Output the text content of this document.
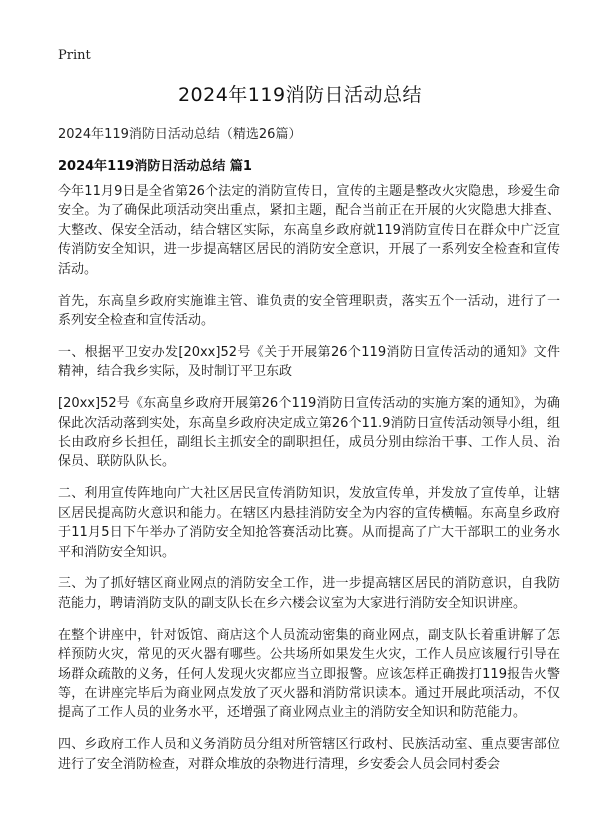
Print
2024年119消防日活动总结
2024年119消防日活动总结（精选26篇）
2024年119消防日活动总结 篇1

今年11月9日是全省第26个法定的消防宣传日，宣传的主题是整改火灾隐患，珍爱生命安全。为了确保此项活动突出重点，紧扣主题，配合当前正在开展的火灾隐患大排查、大整改、保安全活动，结合辖区实际，东高皇乡政府就119消防宣传日在群众中广泛宣传消防安全知识，进一步提高辖区居民的消防安全意识，开展了一系列安全检查和宣传活动。

首先，东高皇乡政府实施谁主管、谁负责的安全管理职责，落实五个一活动，进行了一系列安全检查和宣传活动。

一、根据平卫安办发[20xx]52号《关于开展第26个119消防日宣传活动的通知》文件精神，结合我乡实际，及时制订平卫东政

[20xx]52号《东高皇乡政府开展第26个119消防日宣传活动的实施方案的通知》，为确保此次活动落到实处，东高皇乡政府决定成立第26个11.9消防日宣传活动领导小组，组长由政府乡长担任，副组长主抓安全的副职担任，成员分别由综治干事、工作人员、治保员、联防队队长。

二、利用宣传阵地向广大社区居民宣传消防知识，发放宣传单，并发放了宣传单，让辖区居民提高防火意识和能力。在辖区内悬挂消防安全为内容的宣传横幅。东高皇乡政府于11月5日下午举办了消防安全知抢答赛活动比赛。从而提高了广大干部职工的业务水平和消防安全知识。

三、为了抓好辖区商业网点的消防安全工作，进一步提高辖区居民的消防意识，自我防范能力，聘请消防支队的副支队长在乡六楼会议室为大家进行消防安全知识讲座。

在整个讲座中，针对饭馆、商店这个人员流动密集的商业网点，副支队长着重讲解了怎样预防火灾，常见的灭火器有哪些。公共场所如果发生火灾，工作人员应该履行引导在场群众疏散的义务，任何人发现火灾都应当立即报警。应该怎样正确拨打119报告火警等，在讲座完毕后为商业网点发放了灭火器和消防常识读本。通过开展此项活动，不仅提高了工作人员的业务水平，还增强了商业网点业主的消防安全知识和防范能力。

四、乡政府工作人员和义务消防员分组对所管辖区行政村、民族活动室、重点要害部位进行了安全消防检查，对群众堆放的杂物进行清理，乡安委会人员会同村委会
